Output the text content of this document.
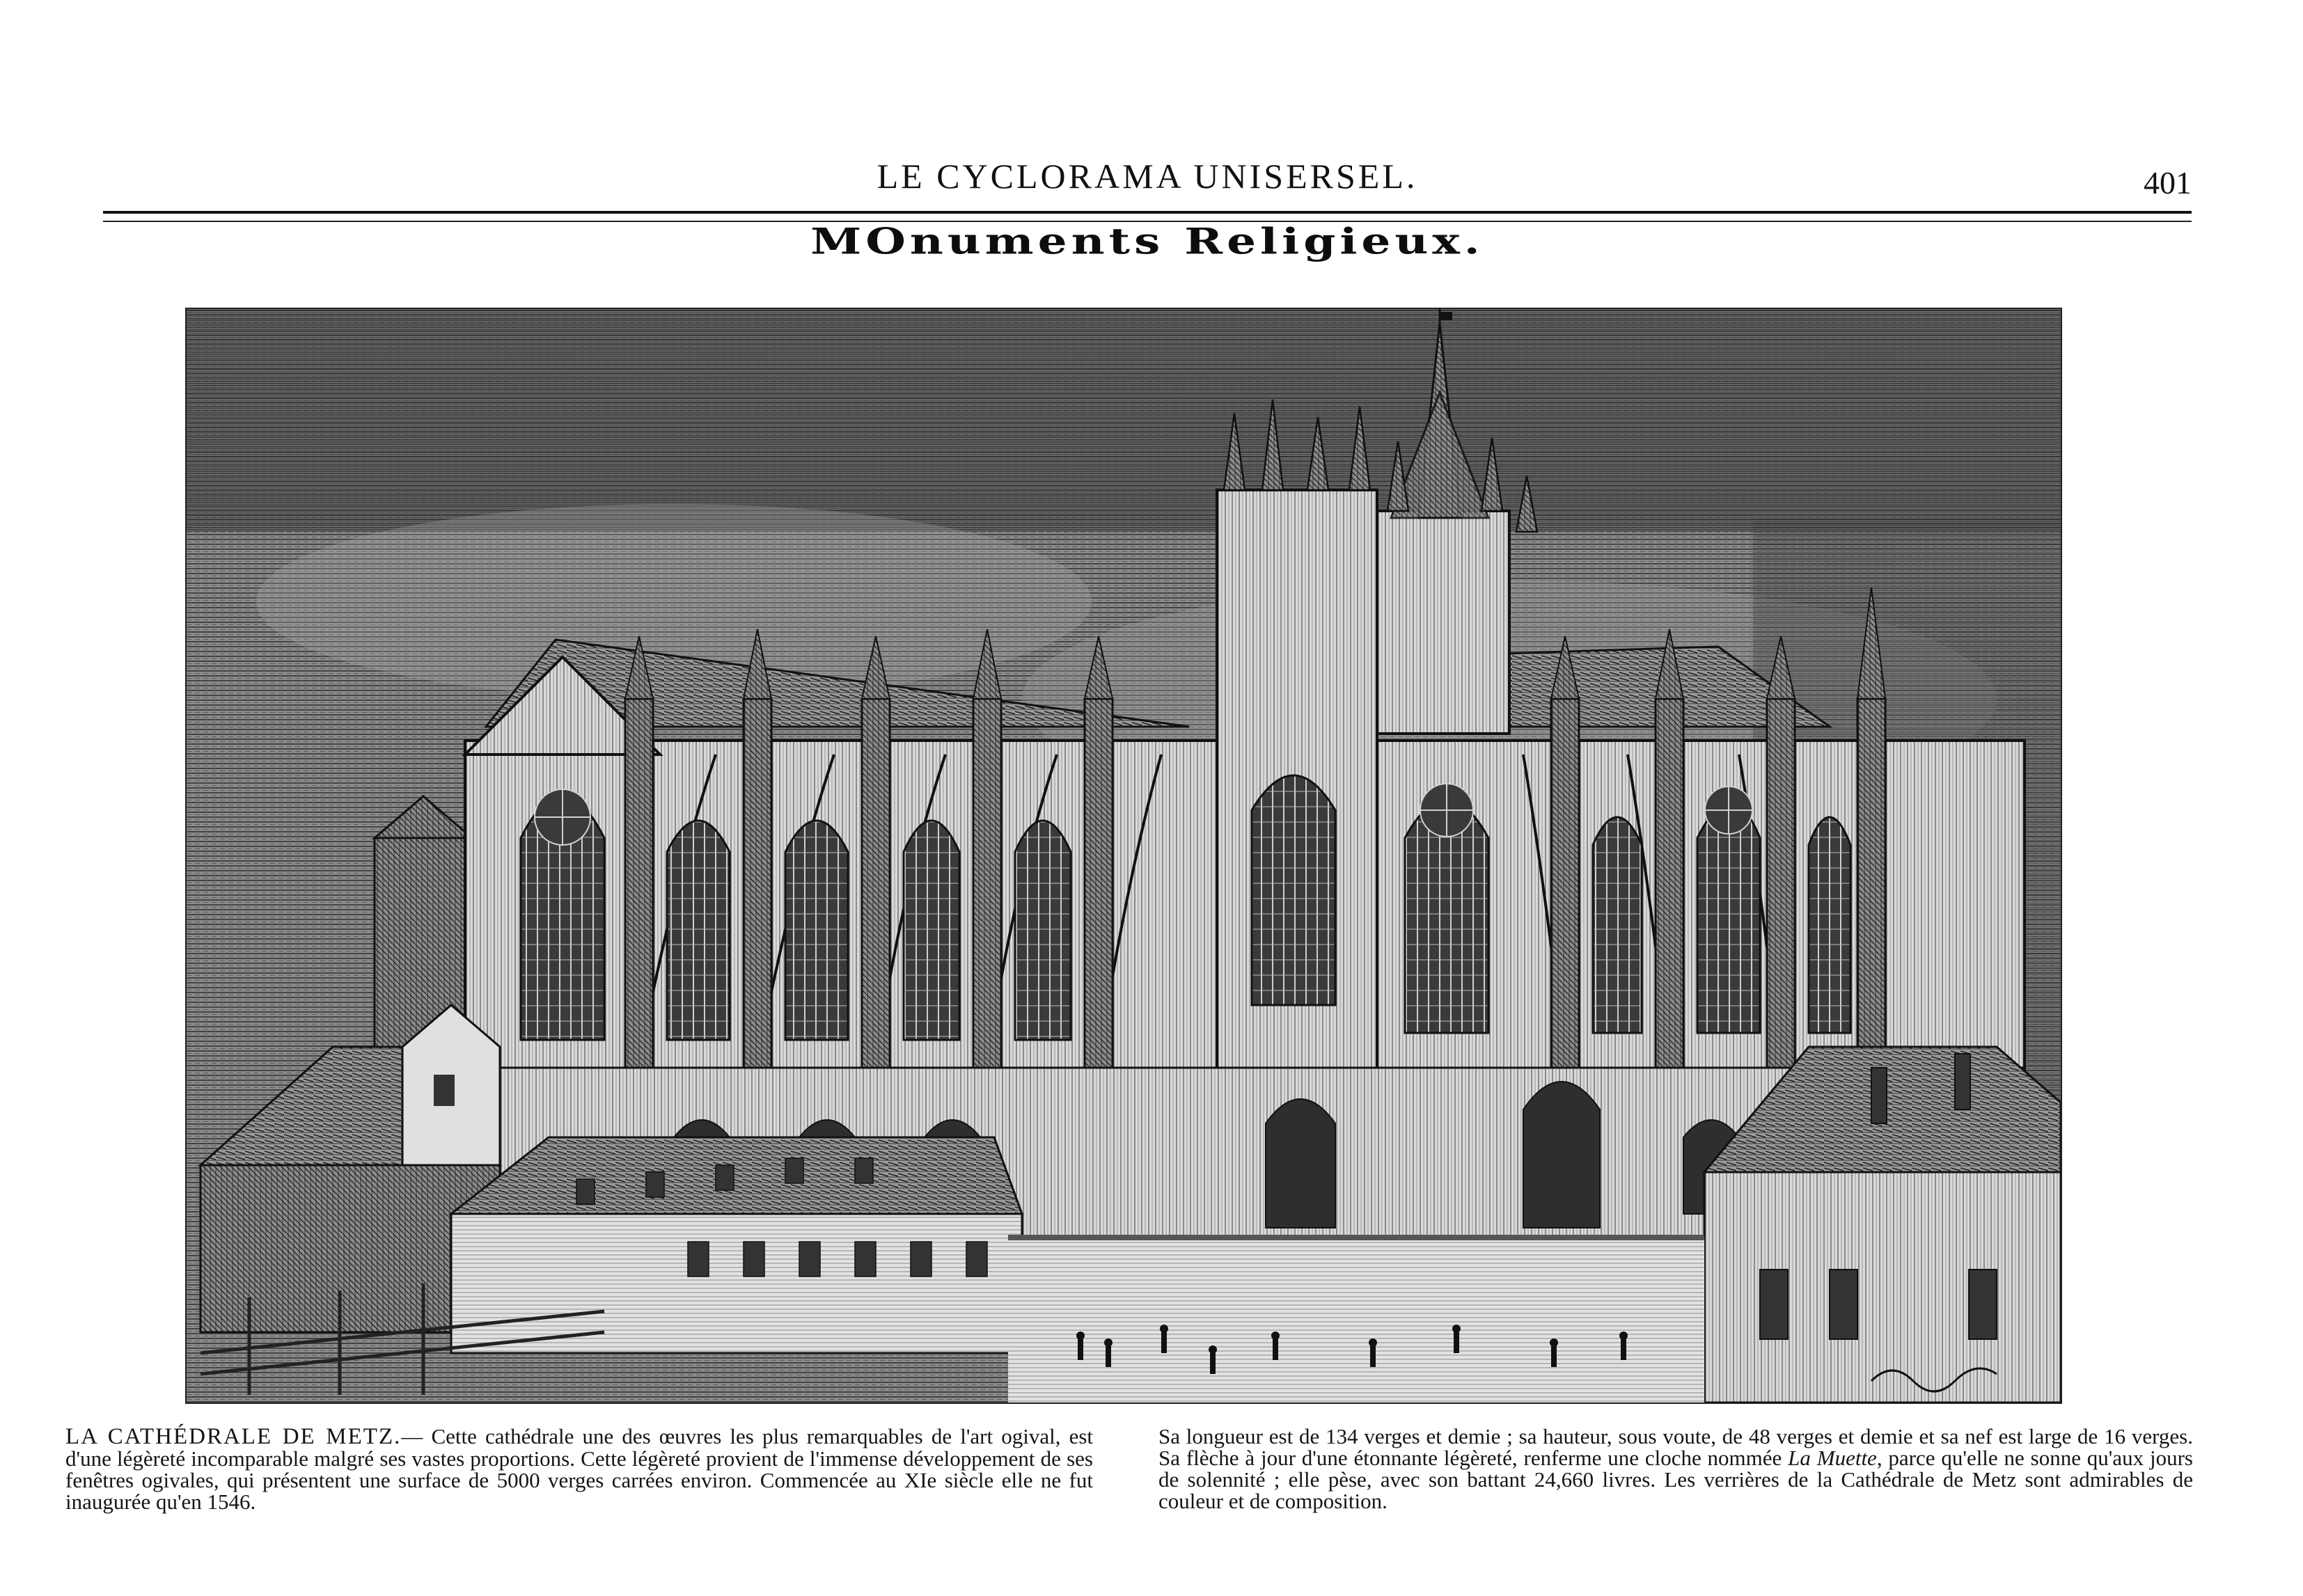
LE CYCLORAMA UNISERSEL.	401
MOnuments Religieux.

LA CATHÉDRALE DE METZ.— Cette cathédrale une des œuvres les plus remarquables de l'art ogival, est d'une légèreté incomparable malgré ses vastes proportions. Cette légèreté provient de l'immense développement de ses fenêtres ogivales, qui présentent une surface de 5000 verges carrées environ. Commencée au XIe siècle elle ne fut inaugurée qu'en 1546.

Sa longueur est de 134 verges et demie ; sa hauteur, sous voute, de 48 verges et demie et sa nef est large de 16 verges. Sa flèche à jour d'une étonnante légèreté, renferme une cloche nommée La Muette, parce qu'elle ne sonne qu'aux jours de solennité ; elle pèse, avec son battant 24,660 livres. Les verrières de la Cathédrale de Metz sont admirables de couleur et de composition.
